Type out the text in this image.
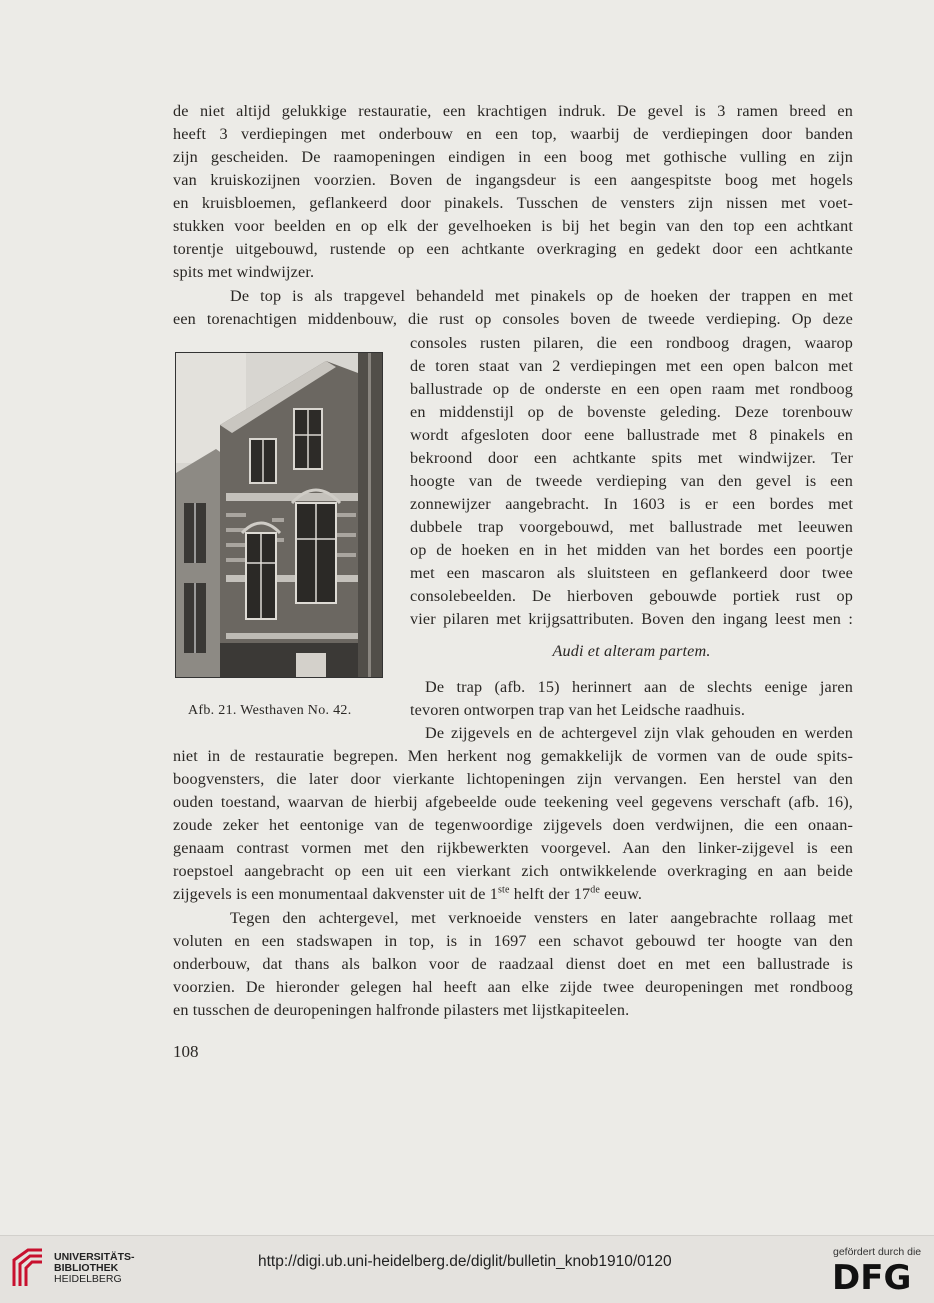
de niet altijd gelukkige restauratie, een krachtigen indruk. De gevel is 3 ramen breed en
heeft 3 verdiepingen met onderbouw en een top, waarbij de verdiepingen door banden
zijn gescheiden. De raamopeningen eindigen in een boog met gothische vulling en zijn
van kruiskozijnen voorzien. Boven de ingangsdeur is een aangespitste boog met hogels
en kruisbloemen, geflankeerd door pinakels. Tusschen de vensters zijn nissen met voet-
stukken voor beelden en op elk der gevelhoeken is bij het begin van den top een achtkant
torentje uitgebouwd, rustende op een achtkante overkraging en gedekt door een achtkante
spits met windwijzer.
De top is als trapgevel behandeld met pinakels op de hoeken der trappen en met
een torenachtigen middenbouw, die rust op consoles boven de tweede verdieping. Op deze
consoles rusten pilaren, die een rondboog dragen, waarop
de toren staat van 2 verdiepingen met een open balcon met
ballustrade op de onderste en een open raam met rondboog
en middenstijl op de bovenste geleding. Deze torenbouw
wordt afgesloten door eene ballustrade met 8 pinakels en
bekroond door een achtkante spits met windwijzer. Ter
hoogte van de tweede verdieping van den gevel is een
zonnewijzer aangebracht. In 1603 is er een bordes met
dubbele trap voorgebouwd, met ballustrade met leeuwen
op de hoeken en in het midden van het bordes een poortje
met een mascaron als sluitsteen en geflankeerd door twee
consolebeelden. De hierboven gebouwde portiek rust op
vier pilaren met krijgsattributen. Boven den ingang leest men :
Audi et alteram partem.
De trap (afb. 15) herinnert aan de slechts eenige jaren
tevoren ontworpen trap van het Leidsche raadhuis.
De zijgevels en de achtergevel zijn vlak gehouden en werden
niet in de restauratie begrepen. Men herkent nog gemakkelijk de vormen van de oude spits-
boogvensters, die later door vierkante lichtopeningen zijn vervangen. Een herstel van den
ouden toestand, waarvan de hierbij afgebeelde oude teekening veel gegevens verschaft (afb. 16),
zoude zeker het eentonige van de tegenwoordige zijgevels doen verdwijnen, die een onaan-
genaam contrast vormen met den rijkbewerkten voorgevel. Aan den linker-zijgevel is een
roepstoel aangebracht op een uit een vierkant zich ontwikkelende overkraging en aan beide
zijgevels is een monumentaal dakvenster uit de 1ste helft der 17de eeuw.
Tegen den achtergevel, met verknoeide vensters en later aangebrachte rollaag met
voluten en een stadswapen in top, is in 1697 een schavot gebouwd ter hoogte van den
onderbouw, dat thans als balkon voor de raadzaal dienst doet en met een ballustrade is
voorzien. De hieronder gelegen hal heeft aan elke zijde twee deuropeningen met rondboog
en tusschen de deuropeningen halfronde pilasters met lijstkapiteelen.
Afb. 21. Westhaven No. 42.
108
UNIVERSITÄTS-
BIBLIOTHEK
HEIDELBERG
http://digi.ub.uni-heidelberg.de/diglit/bulletin_knob1910/0120
gefördert durch die
DFG
